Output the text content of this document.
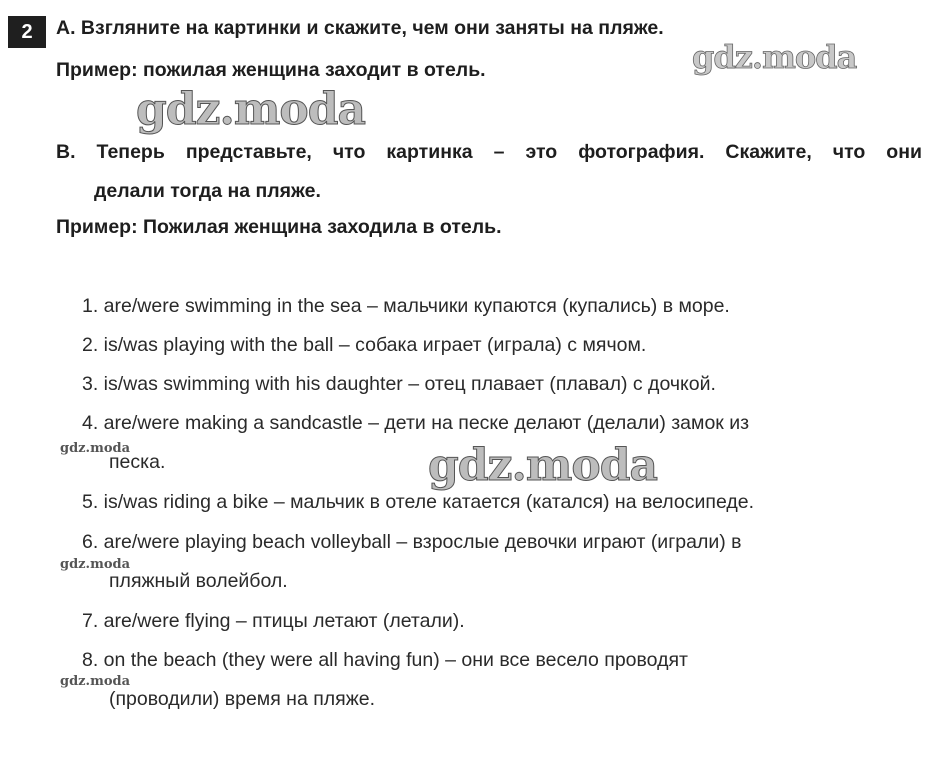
2	A. Взгляните на картинки и скажите, чем они заняты на пляже.
Пример: пожилая женщина заходит в отель.
B. Теперь представьте, что картинка – это фотография. Скажите, что они
делали тогда на пляже.
Пример: Пожилая женщина заходила в отель.
1. are/were swimming in the sea – мальчики купаются (купались) в море.
2. is/was playing with the ball – собака играет (играла) с мячом.
3. is/was swimming with his daughter – отец плавает (плавал) с дочкой.
4. are/were making a sandcastle – дети на песке делают (делали) замок из
песка.
5. is/was riding a bike – мальчик в отеле катается (катался) на велосипеде.
6. are/were playing beach volleyball – взрослые девочки играют (играли) в
пляжный волейбол.
7. are/were flying – птицы летают (летали).
8. on the beach (they were all having fun) – они все весело проводят
(проводили) время на пляже.
gdz.moda
gdz.moda
gdz.moda
gdz.moda
gdz.moda
gdz.moda
